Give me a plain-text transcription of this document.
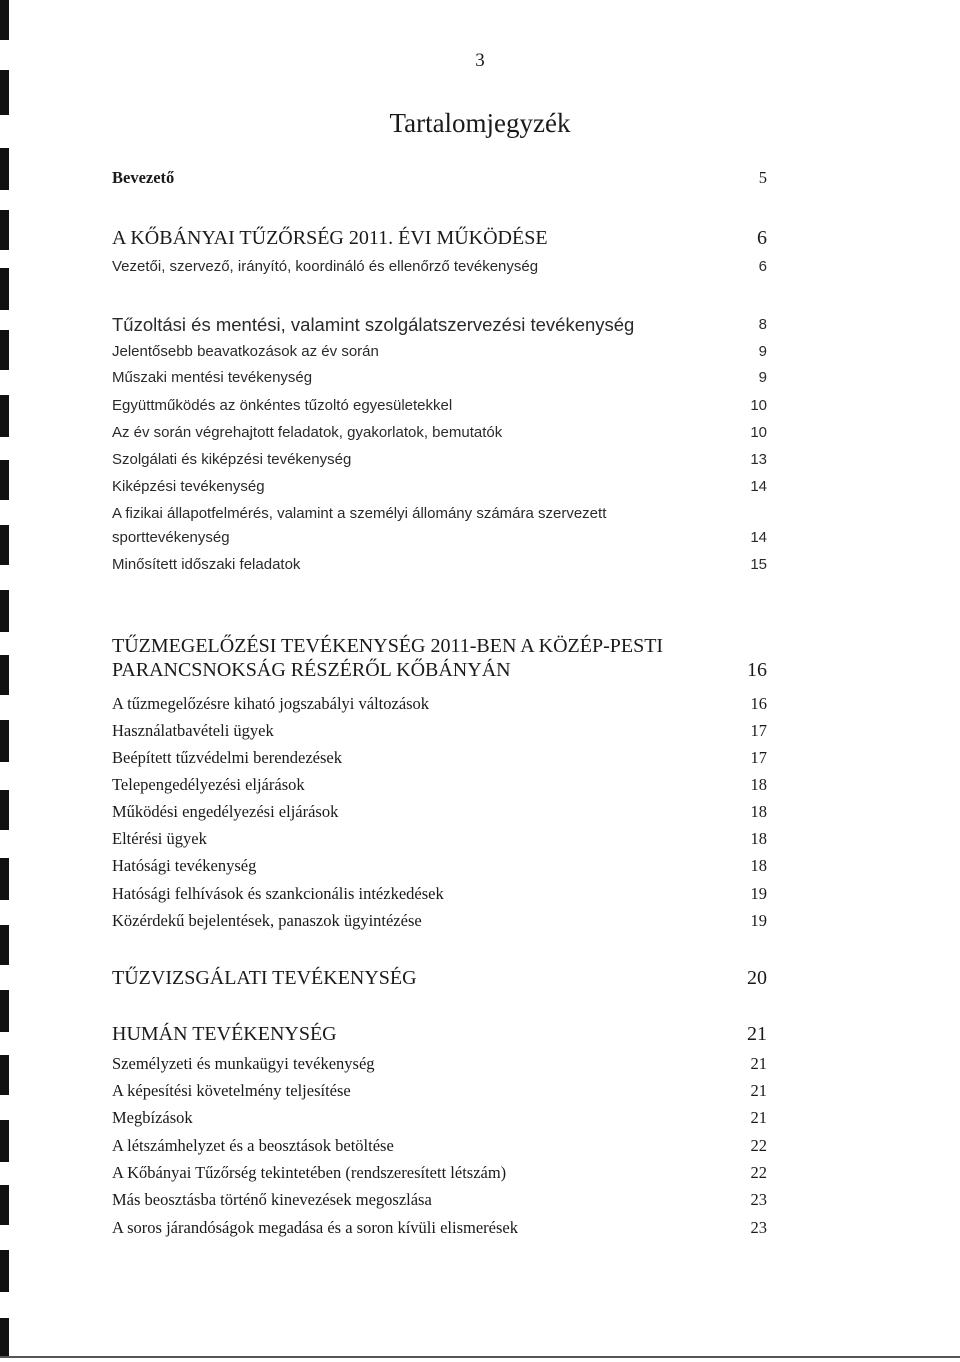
3
Tartalomjegyzék
Bevezető	5
A KŐBÁNYAI TŰZŐRSÉG 2011. ÉVI MŰKÖDÉSE	6
Vezetői, szervező, irányító, koordináló és ellenőrző tevékenység	6
Tűzoltási és mentési, valamint szolgálatszervezési tevékenység	8
Jelentősebb beavatkozások az év során	9
Műszaki mentési tevékenység	9
Együttműködés az önkéntes tűzoltó egyesületekkel	10
Az év során végrehajtott feladatok, gyakorlatok, bemutatók	10
Szolgálati és kiképzési tevékenység	13
Kiképzési tevékenység	14
A fizikai állapotfelmérés, valamint a személyi állomány számára szervezett sporttevékenység	14
Minősített időszaki feladatok	15
TŰZMEGELŐZÉSI TEVÉKENYSÉG 2011-BEN A KÖZÉP-PESTI PARANCSNOKSÁG RÉSZÉRŐL KŐBÁNYÁN	16
A tűzmegelőzésre kiható jogszabályi változások	16
Használatbavételi ügyek	17
Beépített tűzvédelmi berendezések	17
Telepengedélyezési eljárások	18
Működési engedélyezési eljárások	18
Eltérési ügyek	18
Hatósági tevékenység	18
Hatósági felhívások és szankcionális intézkedések	19
Közérdekű bejelentések, panaszok ügyintézése	19
TŰZVIZSGÁLATI TEVÉKENYSÉG	20
HUMÁN TEVÉKENYSÉG	21
Személyzeti és munkaügyi tevékenység	21
A képesítési követelmény teljesítése	21
Megbízások	21
A létszámhelyzet és a beosztások betöltése	22
A Kőbányai Tűzőrség tekintetében (rendszeresített létszám)	22
Más beosztásba történő kinevezések megoszlása	23
A soros járandóságok megadása és a soron kívüli elismerések	23
